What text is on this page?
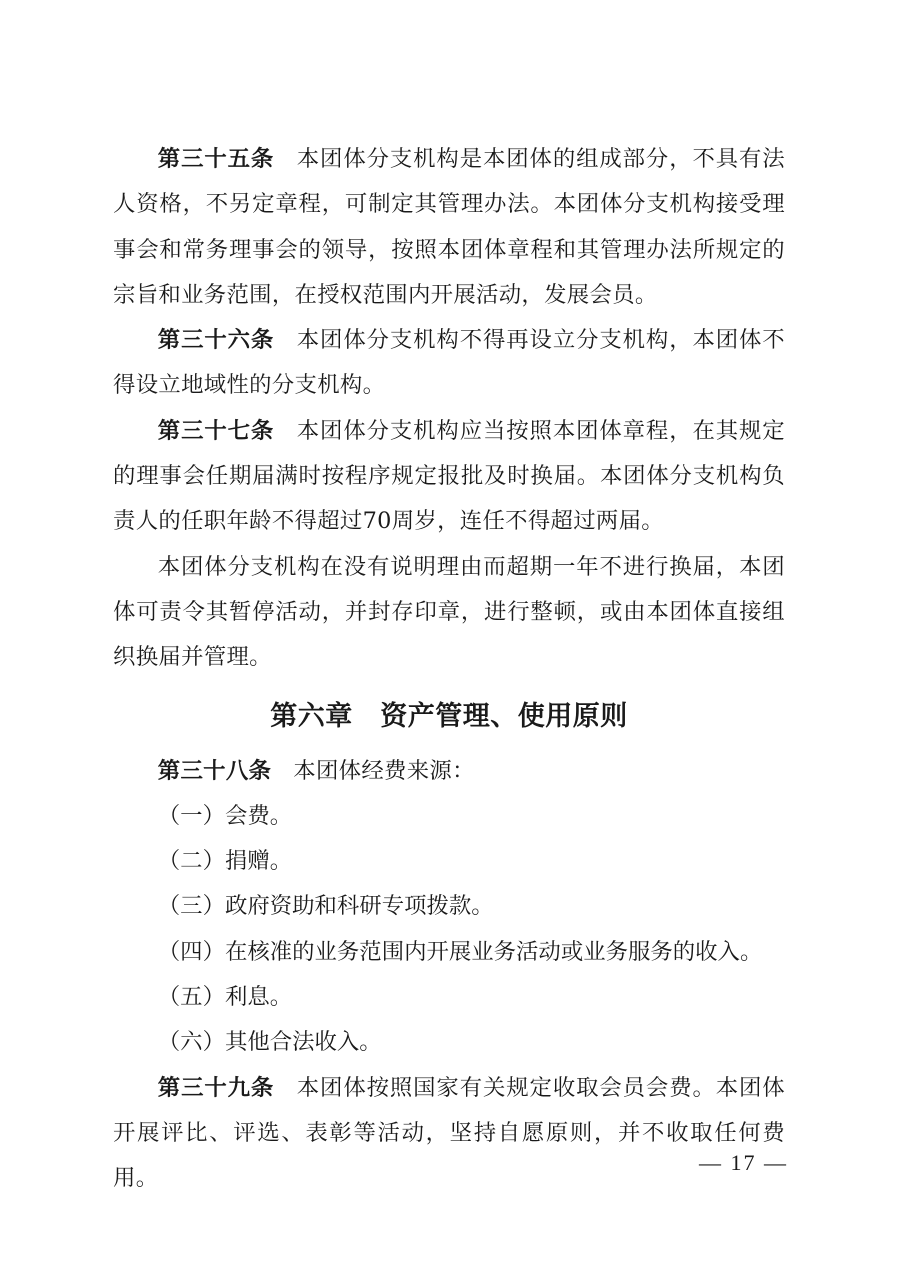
第三十五条 本团体分支机构是本团体的组成部分，不具有法人资格，不另定章程，可制定其管理办法。本团体分支机构接受理事会和常务理事会的领导，按照本团体章程和其管理办法所规定的宗旨和业务范围，在授权范围内开展活动，发展会员。

第三十六条 本团体分支机构不得再设立分支机构，本团体不得设立地域性的分支机构。

第三十七条 本团体分支机构应当按照本团体章程，在其规定的理事会任期届满时按程序规定报批及时换届。本团体分支机构负责人的任职年龄不得超过70周岁，连任不得超过两届。

本团体分支机构在没有说明理由而超期一年不进行换届，本团体可责令其暂停活动，并封存印章，进行整顿，或由本团体直接组织换届并管理。

第六章　资产管理、使用原则

第三十八条 本团体经费来源：

（一）会费。

（二）捐赠。

（三）政府资助和科研专项拨款。

（四）在核准的业务范围内开展业务活动或业务服务的收入。

（五）利息。

（六）其他合法收入。

第三十九条 本团体按照国家有关规定收取会员会费。本团体开展评比、评选、表彰等活动，坚持自愿原则，并不收取任何费用。

— 17 —
